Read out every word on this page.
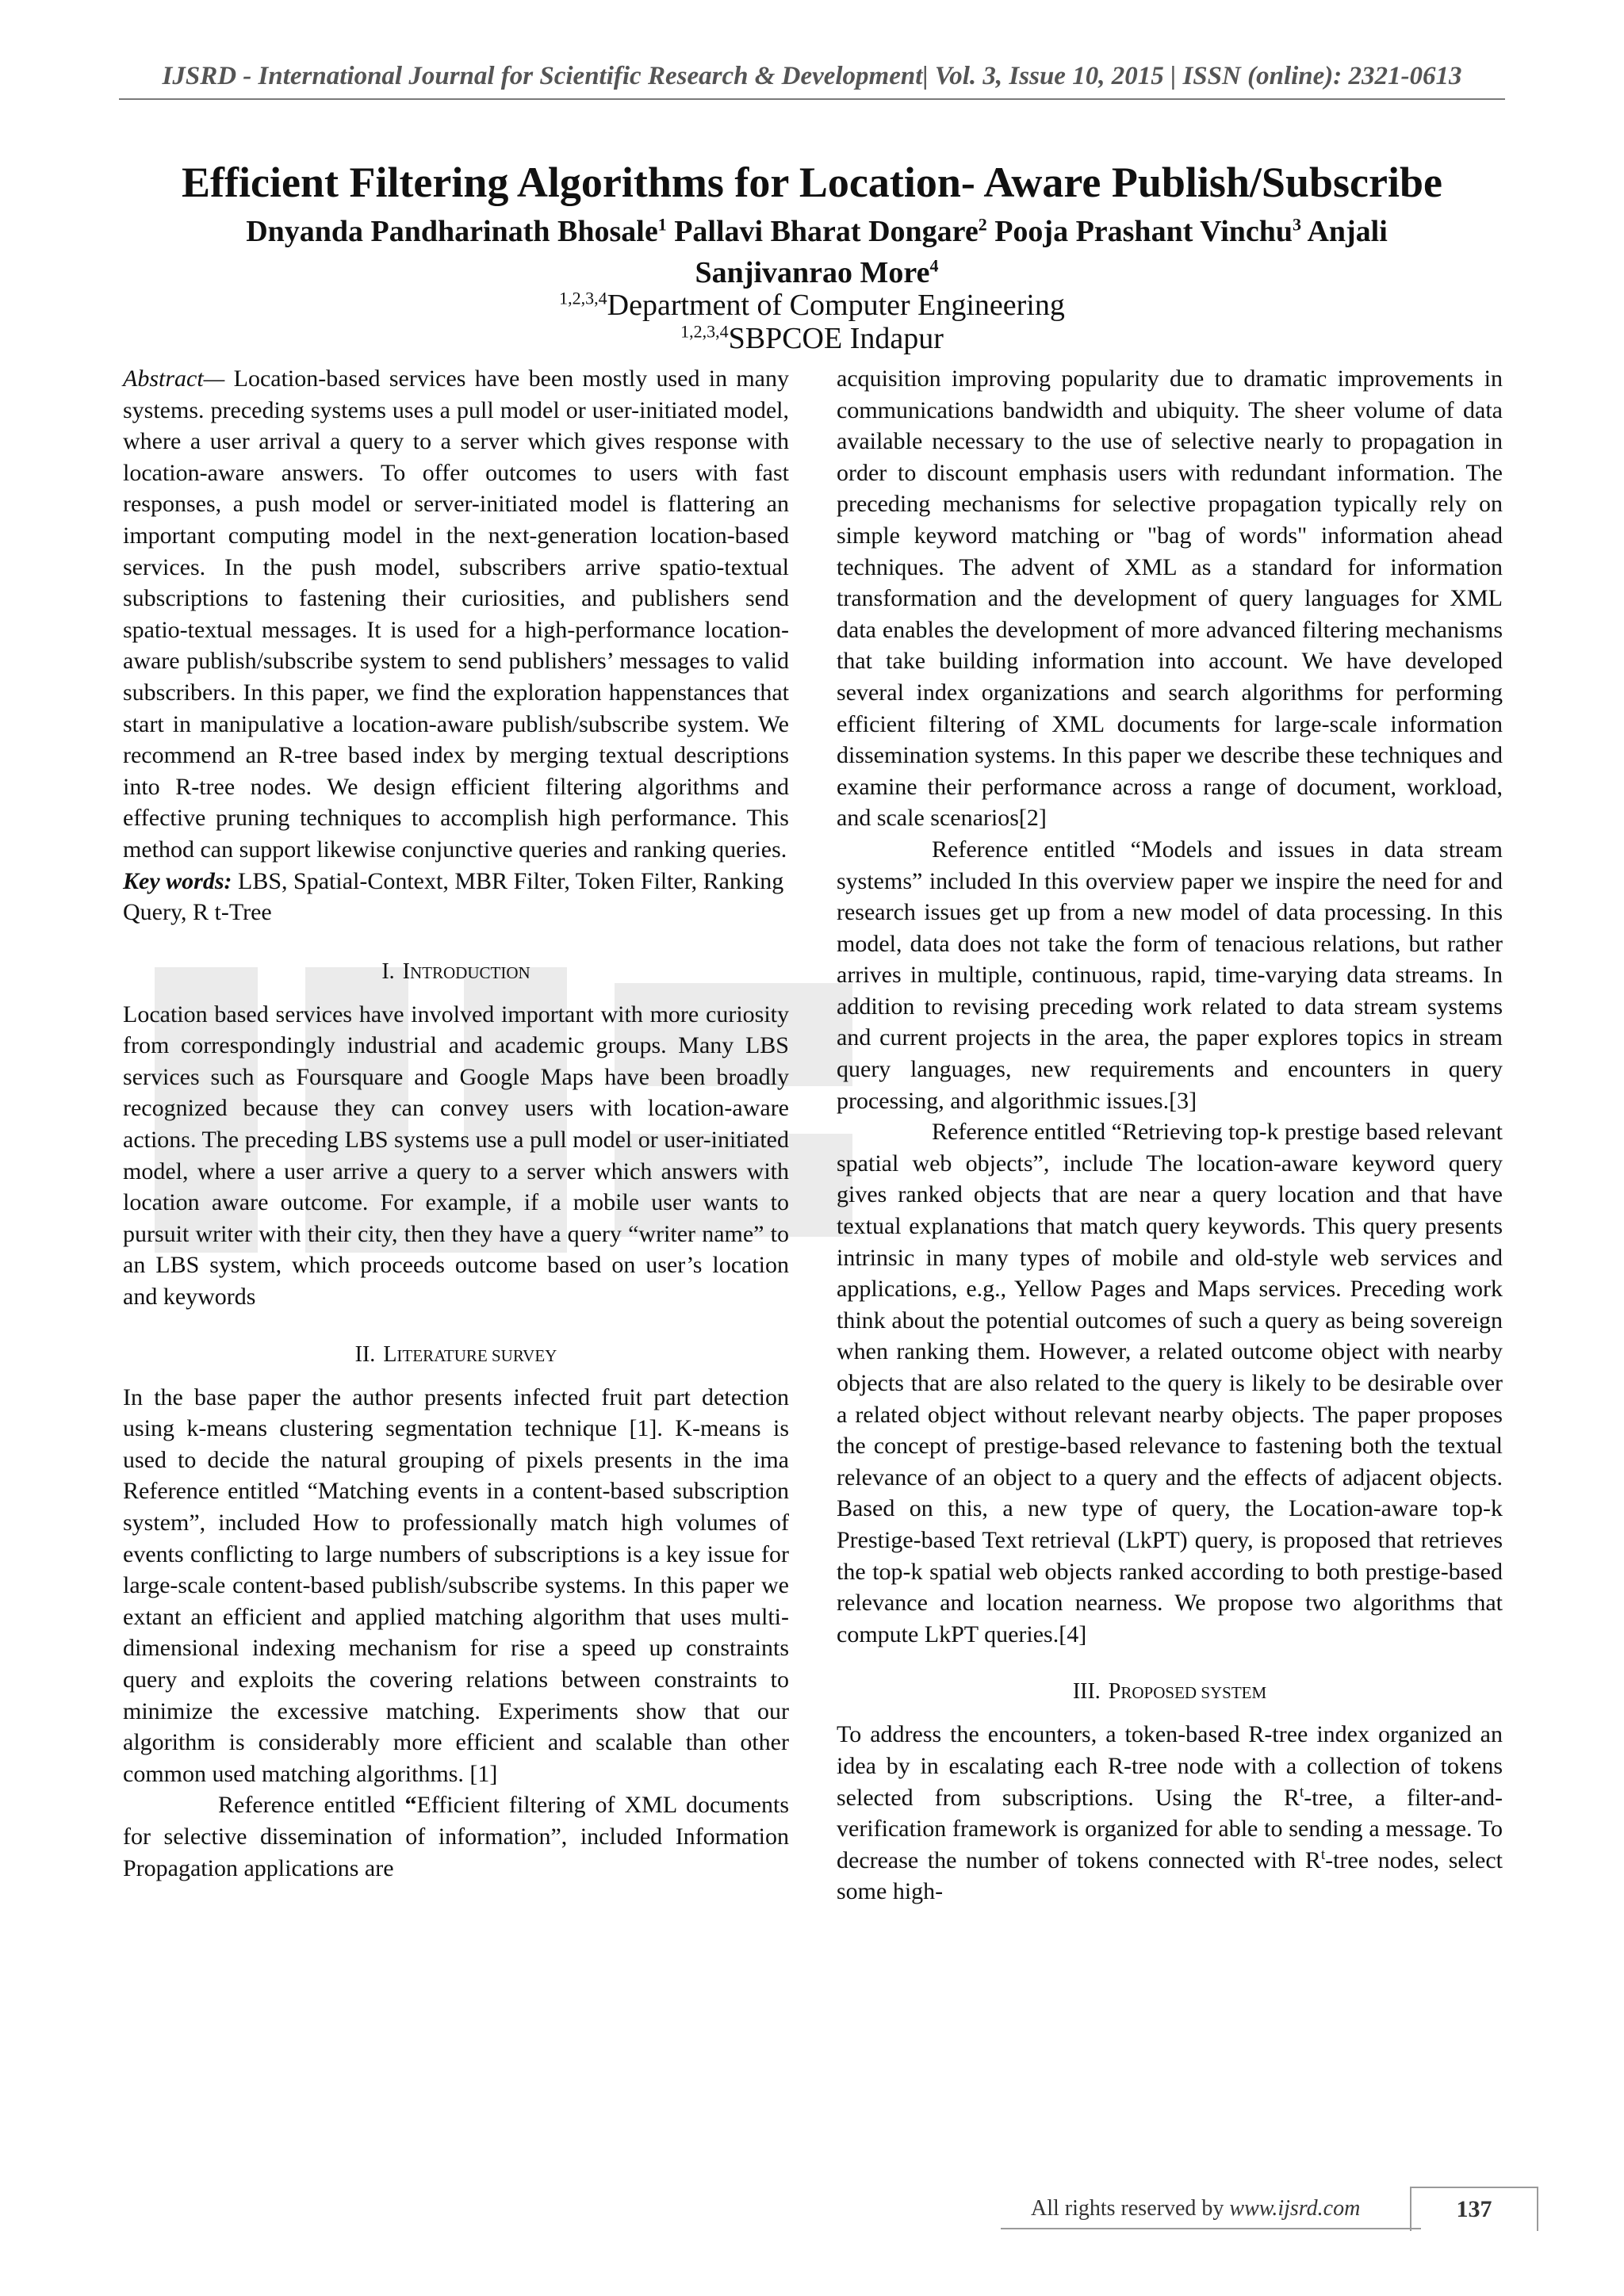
IJSRD - International Journal for Scientific Research & Development| Vol. 3, Issue 10, 2015 | ISSN (online): 2321-0613
Efficient Filtering Algorithms for Location- Aware Publish/Subscribe
Dnyanda Pandharinath Bhosale$^1$ Pallavi Bharat Dongare$^2$ Pooja Prashant Vinchu$^3$ Anjali Sanjivanrao More$^4$
$^{1,2,3,4}$Department of Computer Engineering
$^{1,2,3,4}$SBPCOE Indapur

Abstract— Location-based services have been mostly used in many systems. preceding systems uses a pull model or user-initiated model, where a user arrival a query to a server which gives response with location-aware answers. To offer outcomes to users with fast responses, a push model or server-initiated model is flattering an important computing model in the next-generation location-based services. In the push model, subscribers arrive spatio-textual subscriptions to fastening their curiosities, and publishers send spatio-textual messages. It is used for a high-performance location-aware publish/subscribe system to send publishers’ messages to valid subscribers. In this paper, we find the exploration happenstances that start in manipulative a location-aware publish/subscribe system. We recommend an R-tree based index by merging textual descriptions into R-tree nodes. We design efficient filtering algorithms and effective pruning techniques to accomplish high performance. This method can support likewise conjunctive queries and ranking queries.

Key words: LBS, Spatial-Context, MBR Filter, Token Filter, Ranking Query, R t-Tree

I. INTRODUCTION

Location based services have involved important with more curiosity from correspondingly industrial and academic groups. Many LBS services such as Foursquare and Google Maps have been broadly recognized because they can convey users with location-aware actions. The preceding LBS systems use a pull model or user-initiated model, where a user arrive a query to a server which answers with location aware outcome. For example, if a mobile user wants to pursuit writer with their city, then they have a query “writer name” to an LBS system, which proceeds outcome based on user’s location and keywords

II. LITERATURE SURVEY

In the base paper the author presents infected fruit part detection using k-means clustering segmentation technique [1]. K-means is used to decide the natural grouping of pixels presents in the ima Reference entitled “Matching events in a content-based subscription system”, included How to professionally match high volumes of events conflicting to large numbers of subscriptions is a key issue for large-scale content-based publish/subscribe systems. In this paper we extant an efficient and applied matching algorithm that uses multi-dimensional indexing mechanism for rise a speed up constraints query and exploits the covering relations between constraints to minimize the excessive matching. Experiments show that our algorithm is considerably more efficient and scalable than other common used matching algorithms. [1]

Reference entitled “Efficient filtering of XML documents for selective dissemination of information”, included Information Propagation applications are

acquisition improving popularity due to dramatic improvements in communications bandwidth and ubiquity. The sheer volume of data available necessary to the use of selective nearly to propagation in order to discount emphasis users with redundant information. The preceding mechanisms for selective propagation typically rely on simple keyword matching or "bag of words" information ahead techniques. The advent of XML as a standard for information transformation and the development of query languages for XML data enables the development of more advanced filtering mechanisms that take building information into account. We have developed several index organizations and search algorithms for performing efficient filtering of XML documents for large-scale information dissemination systems. In this paper we describe these techniques and examine their performance across a range of document, workload, and scale scenarios[2]

Reference entitled “Models and issues in data stream systems” included In this overview paper we inspire the need for and research issues get up from a new model of data processing. In this model, data does not take the form of tenacious relations, but rather arrives in multiple, continuous, rapid, time-varying data streams. In addition to revising preceding work related to data stream systems and current projects in the area, the paper explores topics in stream query languages, new requirements and encounters in query processing, and algorithmic issues.[3]

Reference entitled “Retrieving top-k prestige based relevant spatial web objects”, include The location-aware keyword query gives ranked objects that are near a query location and that have textual explanations that match query keywords. This query presents intrinsic in many types of mobile and old-style web services and applications, e.g., Yellow Pages and Maps services. Preceding work think about the potential outcomes of such a query as being sovereign when ranking them. However, a related outcome object with nearby objects that are also related to the query is likely to be desirable over a related object without relevant nearby objects. The paper proposes the concept of prestige-based relevance to fastening both the textual relevance of an object to a query and the effects of adjacent objects. Based on this, a new type of query, the Location-aware top-k Prestige-based Text retrieval (LkPT) query, is proposed that retrieves the top-k spatial web objects ranked according to both prestige-based relevance and location nearness. We propose two algorithms that compute LkPT queries.[4]

III. PROPOSED SYSTEM

To address the encounters, a token-based R-tree index organized an idea by in escalating each R-tree node with a collection of tokens selected from subscriptions. Using the $R^t$-tree, a filter-and-verification framework is organized for able to sending a message. To decrease the number of tokens connected with $R^t$-tree nodes, select some high-

All rights reserved by www.ijsrd.com	137
